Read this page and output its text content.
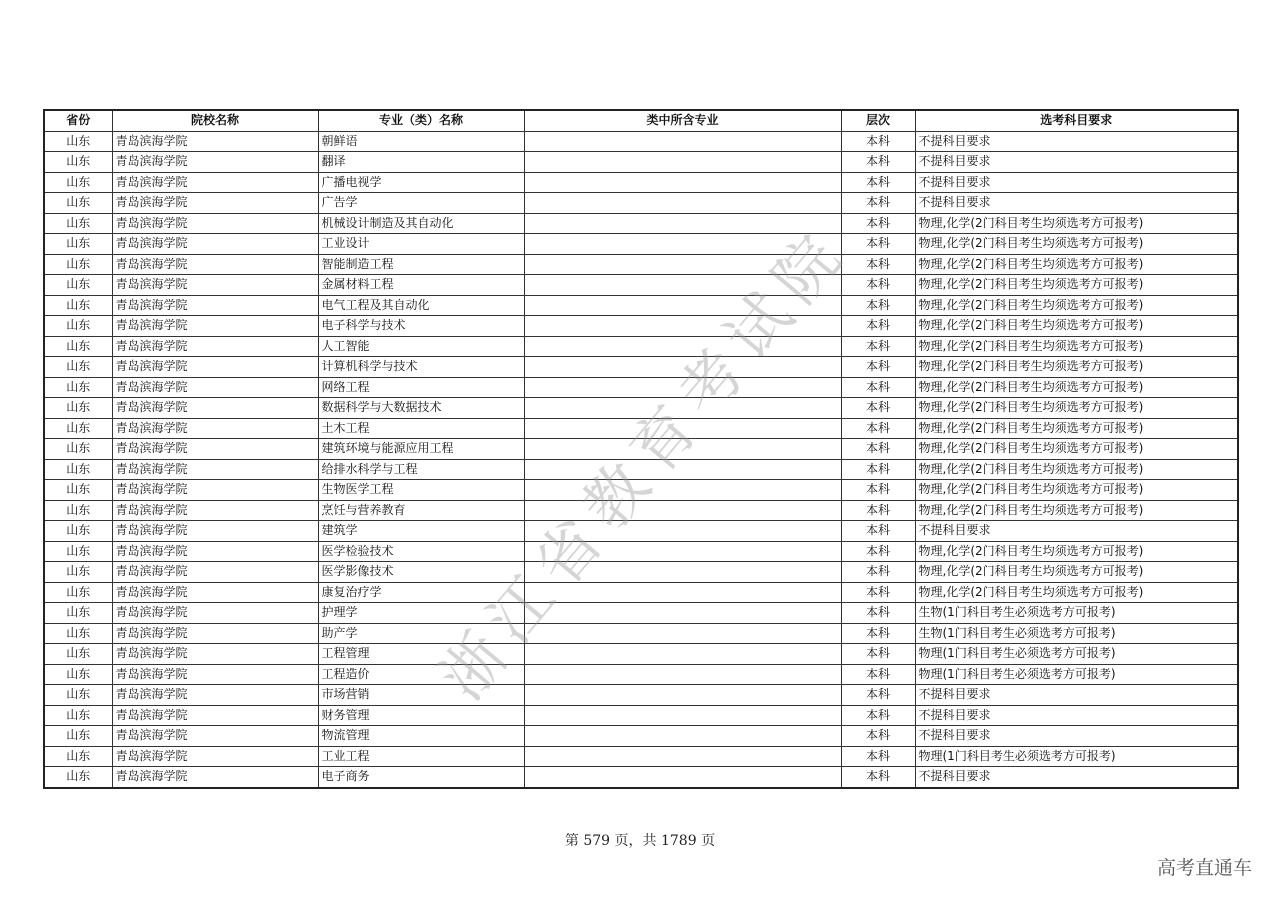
省份	院校名称	专业（类）名称	类中所含专业	层次	选考科目要求
山东	青岛滨海学院	朝鲜语		本科	不提科目要求
山东	青岛滨海学院	翻译		本科	不提科目要求
山东	青岛滨海学院	广播电视学		本科	不提科目要求
山东	青岛滨海学院	广告学		本科	不提科目要求
山东	青岛滨海学院	机械设计制造及其自动化		本科	物理,化学(2门科目考生均须选考方可报考)
山东	青岛滨海学院	工业设计		本科	物理,化学(2门科目考生均须选考方可报考)
山东	青岛滨海学院	智能制造工程		本科	物理,化学(2门科目考生均须选考方可报考)
山东	青岛滨海学院	金属材料工程		本科	物理,化学(2门科目考生均须选考方可报考)
山东	青岛滨海学院	电气工程及其自动化		本科	物理,化学(2门科目考生均须选考方可报考)
山东	青岛滨海学院	电子科学与技术		本科	物理,化学(2门科目考生均须选考方可报考)
山东	青岛滨海学院	人工智能		本科	物理,化学(2门科目考生均须选考方可报考)
山东	青岛滨海学院	计算机科学与技术		本科	物理,化学(2门科目考生均须选考方可报考)
山东	青岛滨海学院	网络工程		本科	物理,化学(2门科目考生均须选考方可报考)
山东	青岛滨海学院	数据科学与大数据技术		本科	物理,化学(2门科目考生均须选考方可报考)
山东	青岛滨海学院	土木工程		本科	物理,化学(2门科目考生均须选考方可报考)
山东	青岛滨海学院	建筑环境与能源应用工程		本科	物理,化学(2门科目考生均须选考方可报考)
山东	青岛滨海学院	给排水科学与工程		本科	物理,化学(2门科目考生均须选考方可报考)
山东	青岛滨海学院	生物医学工程		本科	物理,化学(2门科目考生均须选考方可报考)
山东	青岛滨海学院	烹饪与营养教育		本科	物理,化学(2门科目考生均须选考方可报考)
山东	青岛滨海学院	建筑学		本科	不提科目要求
山东	青岛滨海学院	医学检验技术		本科	物理,化学(2门科目考生均须选考方可报考)
山东	青岛滨海学院	医学影像技术		本科	物理,化学(2门科目考生均须选考方可报考)
山东	青岛滨海学院	康复治疗学		本科	物理,化学(2门科目考生均须选考方可报考)
山东	青岛滨海学院	护理学		本科	生物(1门科目考生必须选考方可报考)
山东	青岛滨海学院	助产学		本科	生物(1门科目考生必须选考方可报考)
山东	青岛滨海学院	工程管理		本科	物理(1门科目考生必须选考方可报考)
山东	青岛滨海学院	工程造价		本科	物理(1门科目考生必须选考方可报考)
山东	青岛滨海学院	市场营销		本科	不提科目要求
山东	青岛滨海学院	财务管理		本科	不提科目要求
山东	青岛滨海学院	物流管理		本科	不提科目要求
山东	青岛滨海学院	工业工程		本科	物理(1门科目考生必须选考方可报考)
山东	青岛滨海学院	电子商务		本科	不提科目要求
浙江省教育考试院
第 579 页，共 1789 页
高考直通车
